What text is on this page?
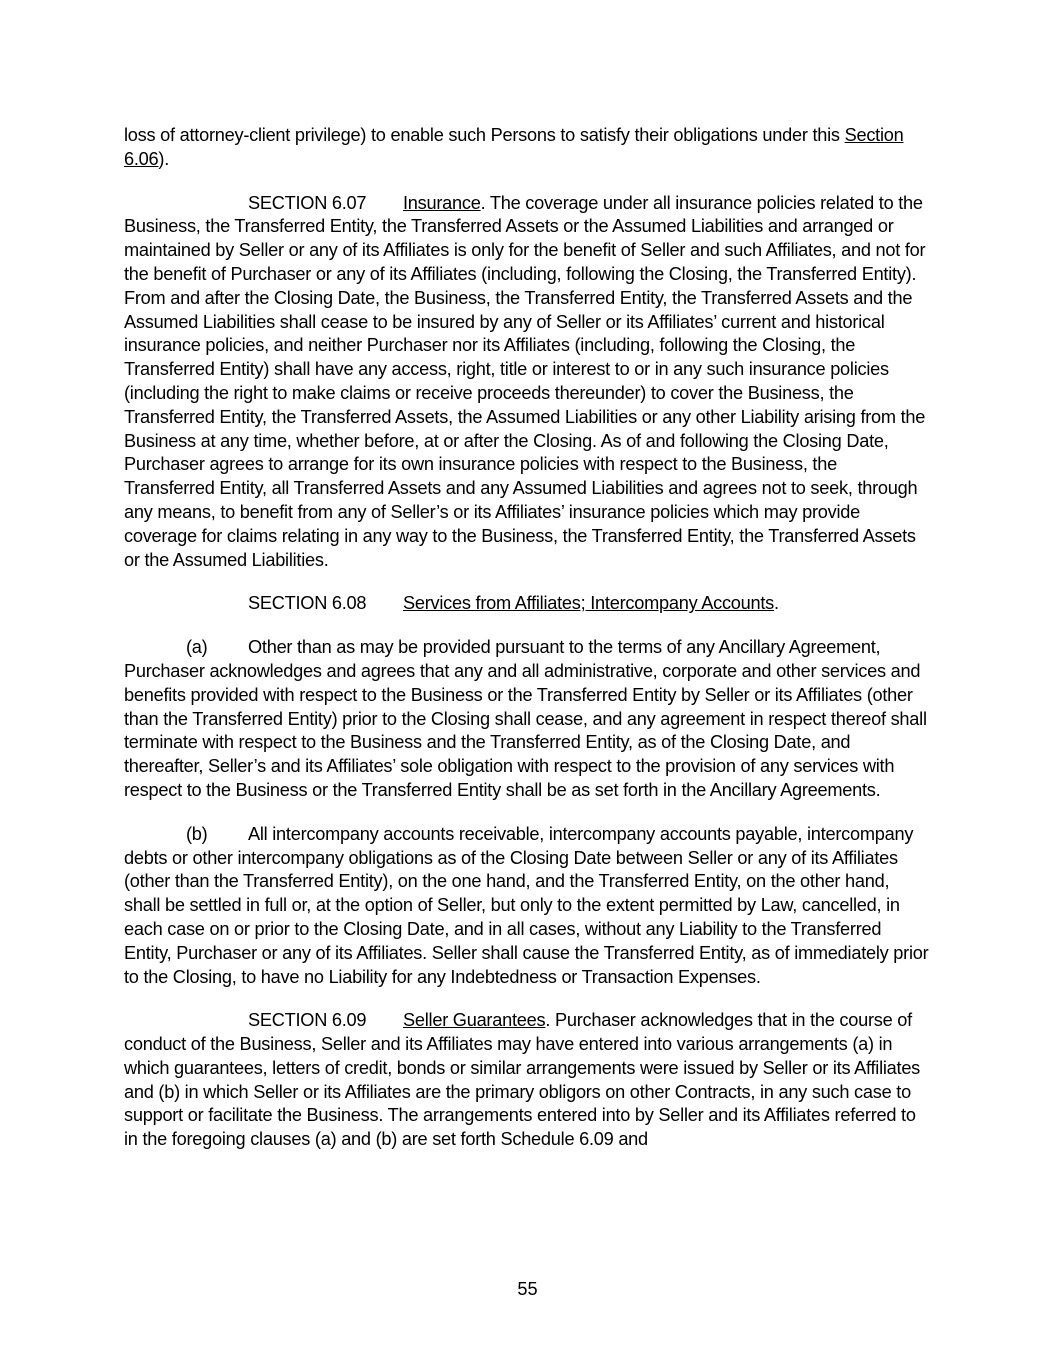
loss of attorney-client privilege) to enable such Persons to satisfy their obligations under this Section 6.06).

SECTION 6.07 Insurance. The coverage under all insurance policies related to the Business, the Transferred Entity, the Transferred Assets or the Assumed Liabilities and arranged or maintained by Seller or any of its Affiliates is only for the benefit of Seller and such Affiliates, and not for the benefit of Purchaser or any of its Affiliates (including, following the Closing, the Transferred Entity). From and after the Closing Date, the Business, the Transferred Entity, the Transferred Assets and the Assumed Liabilities shall cease to be insured by any of Seller or its Affiliates’ current and historical insurance policies, and neither Purchaser nor its Affiliates (including, following the Closing, the Transferred Entity) shall have any access, right, title or interest to or in any such insurance policies (including the right to make claims or receive proceeds thereunder) to cover the Business, the Transferred Entity, the Transferred Assets, the Assumed Liabilities or any other Liability arising from the Business at any time, whether before, at or after the Closing. As of and following the Closing Date, Purchaser agrees to arrange for its own insurance policies with respect to the Business, the Transferred Entity, all Transferred Assets and any Assumed Liabilities and agrees not to seek, through any means, to benefit from any of Seller’s or its Affiliates’ insurance policies which may provide coverage for claims relating in any way to the Business, the Transferred Entity, the Transferred Assets or the Assumed Liabilities.

SECTION 6.08 Services from Affiliates; Intercompany Accounts.

(a) Other than as may be provided pursuant to the terms of any Ancillary Agreement, Purchaser acknowledges and agrees that any and all administrative, corporate and other services and benefits provided with respect to the Business or the Transferred Entity by Seller or its Affiliates (other than the Transferred Entity) prior to the Closing shall cease, and any agreement in respect thereof shall terminate with respect to the Business and the Transferred Entity, as of the Closing Date, and thereafter, Seller’s and its Affiliates’ sole obligation with respect to the provision of any services with respect to the Business or the Transferred Entity shall be as set forth in the Ancillary Agreements.

(b) All intercompany accounts receivable, intercompany accounts payable, intercompany debts or other intercompany obligations as of the Closing Date between Seller or any of its Affiliates (other than the Transferred Entity), on the one hand, and the Transferred Entity, on the other hand, shall be settled in full or, at the option of Seller, but only to the extent permitted by Law, cancelled, in each case on or prior to the Closing Date, and in all cases, without any Liability to the Transferred Entity, Purchaser or any of its Affiliates. Seller shall cause the Transferred Entity, as of immediately prior to the Closing, to have no Liability for any Indebtedness or Transaction Expenses.

SECTION 6.09 Seller Guarantees. Purchaser acknowledges that in the course of conduct of the Business, Seller and its Affiliates may have entered into various arrangements (a) in which guarantees, letters of credit, bonds or similar arrangements were issued by Seller or its Affiliates and (b) in which Seller or its Affiliates are the primary obligors on other Contracts, in any such case to support or facilitate the Business. The arrangements entered into by Seller and its Affiliates referred to in the foregoing clauses (a) and (b) are set forth Schedule 6.09 and

55
